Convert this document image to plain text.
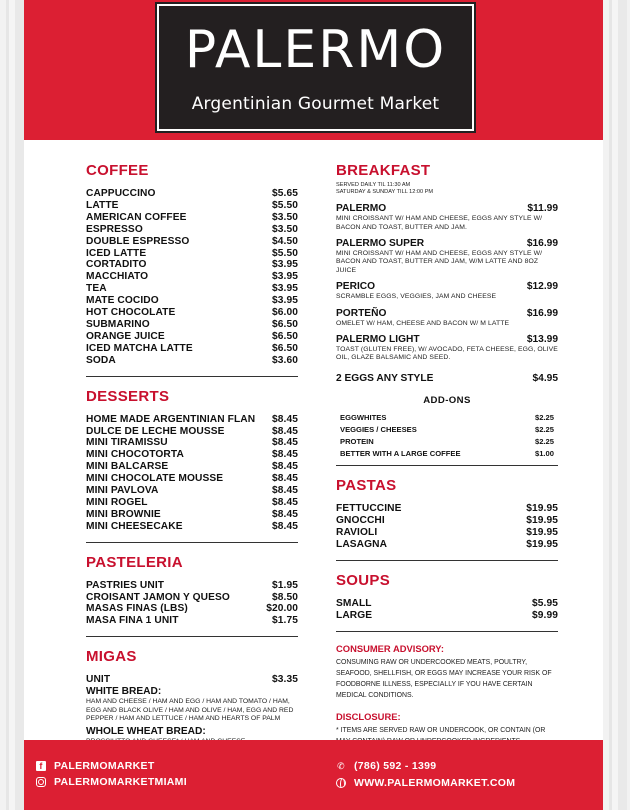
PALERMO
Argentinian Gourmet Market
COFFEE
CAPPUCCINO	$5.65
LATTE	$5.50
AMERICAN COFFEE	$3.50
ESPRESSO	$3.50
DOUBLE ESPRESSO	$4.50
ICED LATTE	$5.50
CORTADITO	$3.95
MACCHIATO	$3.95
TEA	$3.95
MATE COCIDO	$3.95
HOT CHOCOLATE	$6.00
SUBMARINO	$6.50
ORANGE JUICE	$6.50
ICED MATCHA LATTE	$6.50
SODA	$3.60
DESSERTS
HOME MADE ARGENTINIAN FLAN $8.45
DULCE DE LECHE MOUSSE	$8.45
MINI TIRAMISSU	$8.45
MINI CHOCOTORTA	$8.45
MINI BALCARSE	$8.45
MINI CHOCOLATE MOUSSE	$8.45
MINI PAVLOVA	$8.45
MINI ROGEL	$8.45
MINI BROWNIE	$8.45
MINI CHEESECAKE	$8.45
PASTELERIA
PASTRIES UNIT	$1.95
CROISANT JAMON Y QUESO	$8.50
MASAS FINAS (LBS)	$20.00
MASA FINA 1 UNIT	$1.75
MIGAS
UNIT	$3.35
WHITE BREAD:
HAM AND CHEESE / HAM AND EGG / HAM AND TOMATO / HAM, EGG AND BLACK OLIVE / HAM AND OLIVE / HAM, EGG AND RED PEPPER / HAM AND LETTUCE / HAM AND HEARTS OF PALM
WHOLE WHEAT BREAD:
BREAKFAST
SERVED DAILY TIL 11:30 AM
SATURDAY & SUNDAY TILL 12:00 PM
PALERMO	$11.99
MINI CROISSANT W/ HAM AND CHEESE, EGGS ANY STYLE W/ BACON AND TOAST, BUTTER AND JAM.
PALERMO SUPER	$16.99
MINI CROISSANT W/ HAM AND CHEESE, EGGS ANY STYLE W/ BACON AND TOAST, BUTTER AND JAM, W/M LATTE AND 8OZ JUICE
PERICO	$12.99
SCRAMBLE EGGS, VEGGIES, JAM AND CHEESE
PORTEÑO	$16.99
OMELET W/ HAM, CHEESE AND BACON W/ M LATTE
PALERMO LIGHT	$13.99
TOAST (GLUTEN FREE), W/ AVOCADO, FETA CHEESE, EGG, OLIVE OIL, GLAZE BALSAMIC AND SEED.
2 EGGS ANY STYLE	$4.95
ADD-ONS
EGGWHITES	$2.25
VEGGIES / CHEESES	$2.25
PROTEIN	$2.25
BETTER WITH A LARGE COFFEE	$1.00
PASTAS
FETTUCCINE	$19.95
GNOCCHI	$19.95
RAVIOLI	$19.95
LASAGNA	$19.95
SOUPS
SMALL	$5.95
LARGE	$9.99
CONSUMER ADVISORY:
CONSUMING RAW OR UNDERCOOKED MEATS, POULTRY, SEAFOOD, SHELLFISH, OR EGGS MAY INCREASE YOUR RISK OF FOODBORNE ILLNESS, ESPECIALLY IF YOU HAVE CERTAIN MEDICAL CONDITIONS.
DISCLOSURE:
* ITEMS ARE SERVED RAW OR UNDERCOOK, OR CONTAIN (OR
f	PALERMOMARKET
PALERMOMARKETMIAMI
✆ (786) 592 - 1399
WWW.PALERMOMARKET.COM
